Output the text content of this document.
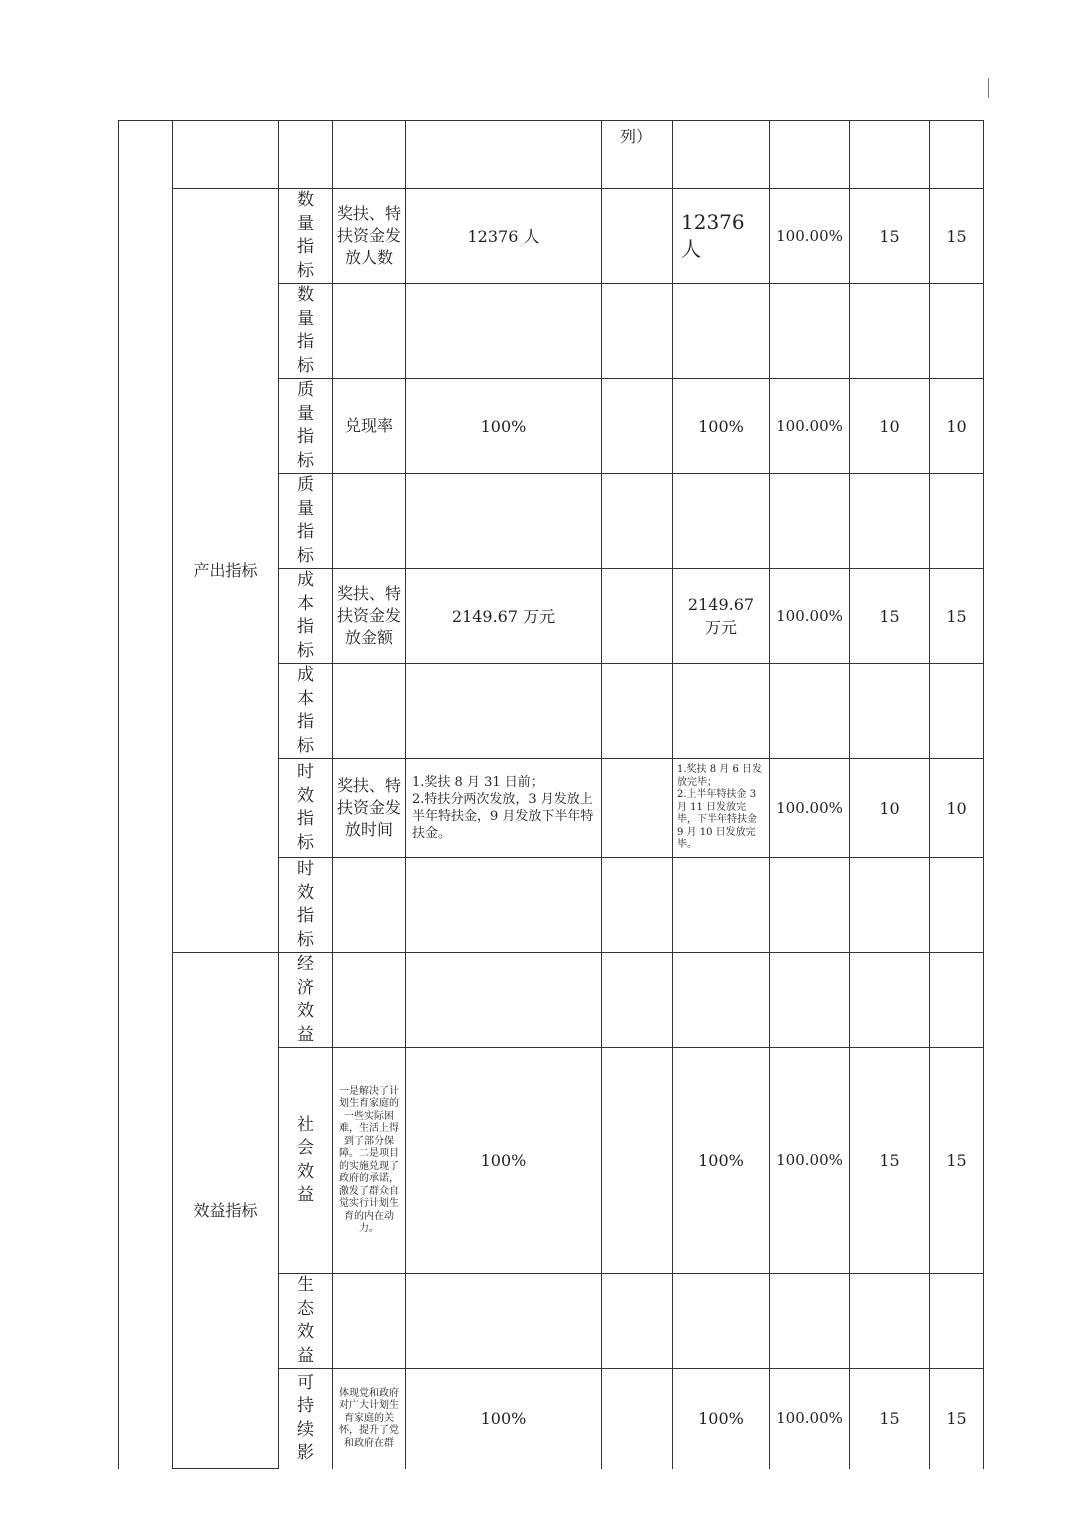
					列）				
	产出指标	数量指标	奖扶、特扶资金发放人数	12376 人		12376 人	100.00%	15	15

		数量指标							

		质量指标	兑现率	100%		100%	100.00%	10	10

		质量指标							

		成本指标	奖扶、特扶资金发放金额	2149.67 万元		2149.67 万元	100.00%	15	15

		成本指标							

		时效指标	奖扶、特扶资金发放时间	1.奖扶 8 月 31 日前；
2.特扶分两次发放，3 月发放上半年特扶金，9 月发放下半年特扶金。		1.奖扶 8 月 6 日发放完毕；
2.上半年特扶金 3 月 11 日发放完毕，下半年特扶金 9 月 10 日发放完毕。	100.00%	10	10

		时效指标							

	效益指标	经济效益							

		社会效益	一是解决了计划生育家庭的一些实际困难，生活上得到了部分保障。二是项目的实施兑现了政府的承诺，激发了群众自觉实行计划生育的内在动力。	100%		100%	100.00%	15	15

		生态效益							

		可持续影	体现党和政府对广大计划生育家庭的关怀，提升了党和政府在群	100%		100%	100.00%	15	15
